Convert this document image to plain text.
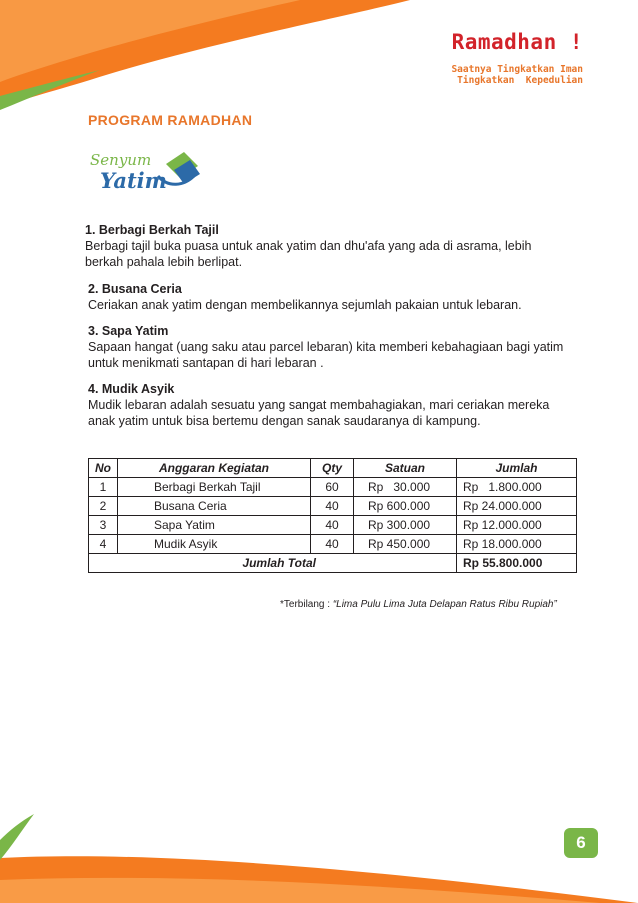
Ramadhan !
Saatnya Tingkatkan Iman
Tingkatkan  Kepedulian
PROGRAM RAMADHAN
Senyum
Yatim
1. Berbagi Berkah Tajil
Berbagi tajil buka puasa untuk anak yatim dan dhu'afa yang ada di asrama, lebih berkah pahala lebih berlipat.
2. Busana Ceria
Ceriakan anak yatim dengan membelikannya sejumlah pakaian untuk lebaran.
3. Sapa Yatim
Sapaan hangat (uang saku atau parcel lebaran) kita memberi kebahagiaan bagi yatim untuk menikmati santapan di hari lebaran .
4. Mudik Asyik
Mudik lebaran adalah sesuatu yang sangat membahagiakan, mari ceriakan mereka anak yatim untuk bisa bertemu dengan sanak saudaranya di kampung.
No	Anggaran Kegiatan	Qty	Satuan	Jumlah
1	Berbagi Berkah Tajil	60	Rp   30.000	Rp   1.800.000
2	Busana Ceria	40	Rp 600.000	Rp 24.000.000
3	Sapa Yatim	40	Rp 300.000	Rp 12.000.000
4	Mudik Asyik	40	Rp 450.000	Rp 18.000.000
Jumlah Total				Rp 55.800.000
*Terbilang : “Lima Pulu Lima Juta Delapan Ratus Ribu Rupiah”
6
